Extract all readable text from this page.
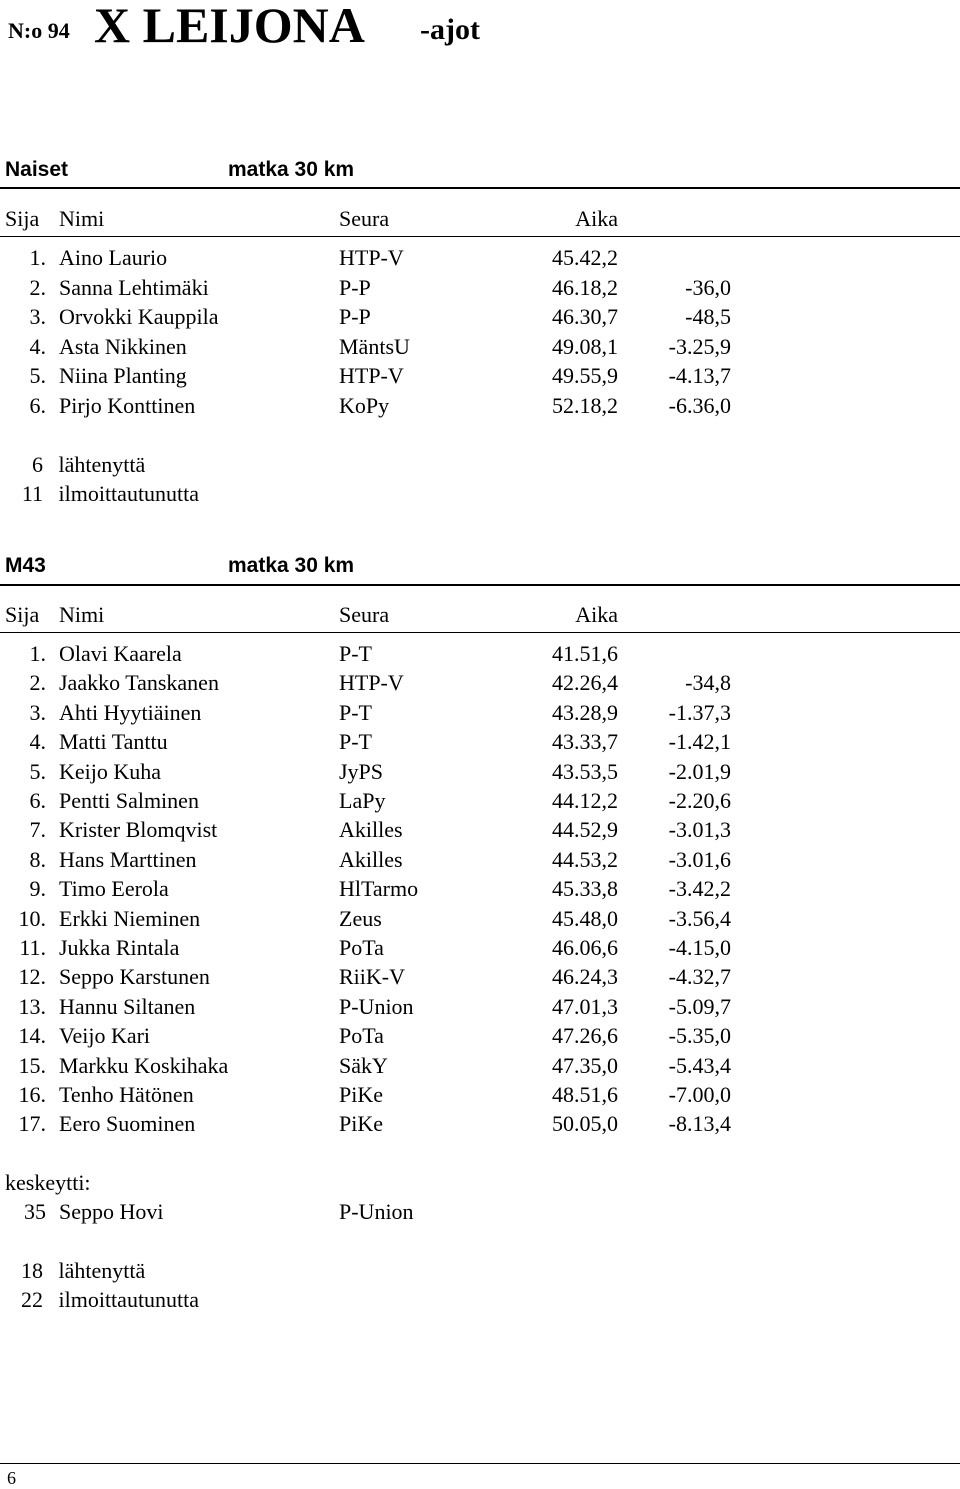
N:o 94 X LEIJONA -ajot
Naiset	matka 30 km
Sija Nimi	Seura	Aika
1. Aino Laurio	HTP-V	45.42,2
2. Sanna Lehtimäki	P-P	46.18,2	-36,0
3. Orvokki Kauppila	P-P	46.30,7	-48,5
4. Asta Nikkinen	MäntsU	49.08,1	-3.25,9
5. Niina Planting	HTP-V	49.55,9	-4.13,7
6. Pirjo Konttinen	KoPy	52.18,2	-6.36,0
6 lähtenyttä
11 ilmoittautunutta
M43	matka 30 km
Sija Nimi	Seura	Aika
1. Olavi Kaarela	P-T	41.51,6
2. Jaakko Tanskanen	HTP-V	42.26,4	-34,8
3. Ahti Hyytiäinen	P-T	43.28,9	-1.37,3
4. Matti Tanttu	P-T	43.33,7	-1.42,1
5. Keijo Kuha	JyPS	43.53,5	-2.01,9
6. Pentti Salminen	LaPy	44.12,2	-2.20,6
7. Krister Blomqvist	Akilles	44.52,9	-3.01,3
8. Hans Marttinen	Akilles	44.53,2	-3.01,6
9. Timo Eerola	HlTarmo	45.33,8	-3.42,2
10. Erkki Nieminen	Zeus	45.48,0	-3.56,4
11. Jukka Rintala	PoTa	46.06,6	-4.15,0
12. Seppo Karstunen	RiiK-V	46.24,3	-4.32,7
13. Hannu Siltanen	P-Union	47.01,3	-5.09,7
14. Veijo Kari	PoTa	47.26,6	-5.35,0
15. Markku Koskihaka	SäkY	47.35,0	-5.43,4
16. Tenho Hätönen	PiKe	48.51,6	-7.00,0
17. Eero Suominen	PiKe	50.05,0	-8.13,4
keskeytti:
35 Seppo Hovi	P-Union
18 lähtenyttä
22 ilmoittautunutta
6
